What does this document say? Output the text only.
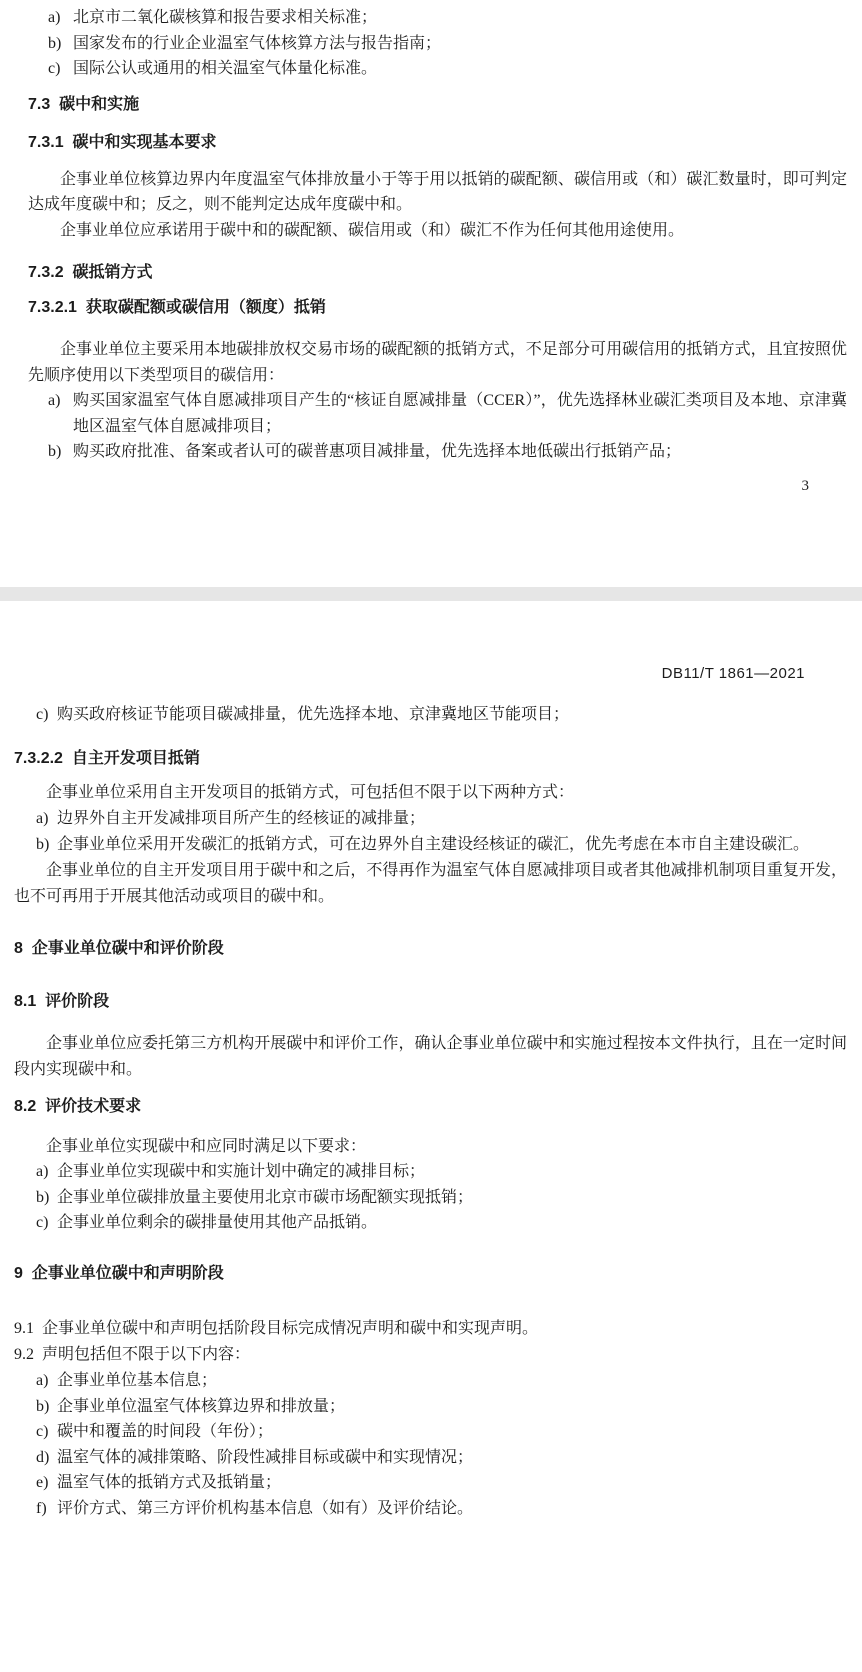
a) 北京市二氧化碳核算和报告要求相关标准；

b) 国家发布的行业企业温室气体核算方法与报告指南；

c) 国际公认或通用的相关温室气体量化标准。

7.3  碳中和实施

7.3.1  碳中和实现基本要求

企事业单位核算边界内年度温室气体排放量小于等于用以抵销的碳配额、碳信用或（和）碳汇数量时，即可判定达成年度碳中和；反之，则不能判定达成年度碳中和。

企事业单位应承诺用于碳中和的碳配额、碳信用或（和）碳汇不作为任何其他用途使用。

7.3.2  碳抵销方式

7.3.2.1  获取碳配额或碳信用（额度）抵销

企事业单位主要采用本地碳排放权交易市场的碳配额的抵销方式，不足部分可用碳信用的抵销方式，且宜按照优先顺序使用以下类型项目的碳信用：

a) 购买国家温室气体自愿减排项目产生的“核证自愿减排量（CCER）”，优先选择林业碳汇类项目及本地、京津冀地区温室气体自愿减排项目；

b) 购买政府批准、备案或者认可的碳普惠项目减排量，优先选择本地低碳出行抵销产品；

3

DB11/T 1861—2021

c) 购买政府核证节能项目碳减排量，优先选择本地、京津冀地区节能项目；

7.3.2.2  自主开发项目抵销

企事业单位采用自主开发项目的抵销方式，可包括但不限于以下两种方式：

a) 边界外自主开发减排项目所产生的经核证的减排量；

b) 企事业单位采用开发碳汇的抵销方式，可在边界外自主建设经核证的碳汇，优先考虑在本市自主建设碳汇。

企事业单位的自主开发项目用于碳中和之后，不得再作为温室气体自愿减排项目或者其他减排机制项目重复开发，也不可再用于开展其他活动或项目的碳中和。

8  企事业单位碳中和评价阶段

8.1  评价阶段

企事业单位应委托第三方机构开展碳中和评价工作，确认企事业单位碳中和实施过程按本文件执行，且在一定时间段内实现碳中和。

8.2  评价技术要求

企事业单位实现碳中和应同时满足以下要求：

a) 企事业单位实现碳中和实施计划中确定的减排目标；

b) 企事业单位碳排放量主要使用北京市碳市场配额实现抵销；

c) 企事业单位剩余的碳排量使用其他产品抵销。

9  企事业单位碳中和声明阶段

9.1  企事业单位碳中和声明包括阶段目标完成情况声明和碳中和实现声明。

9.2  声明包括但不限于以下内容：

a) 企事业单位基本信息；

b) 企事业单位温室气体核算边界和排放量；

c) 碳中和覆盖的时间段（年份）；

d) 温室气体的减排策略、阶段性减排目标或碳中和实现情况；

e) 温室气体的抵销方式及抵销量；

f) 评价方式、第三方评价机构基本信息（如有）及评价结论。
